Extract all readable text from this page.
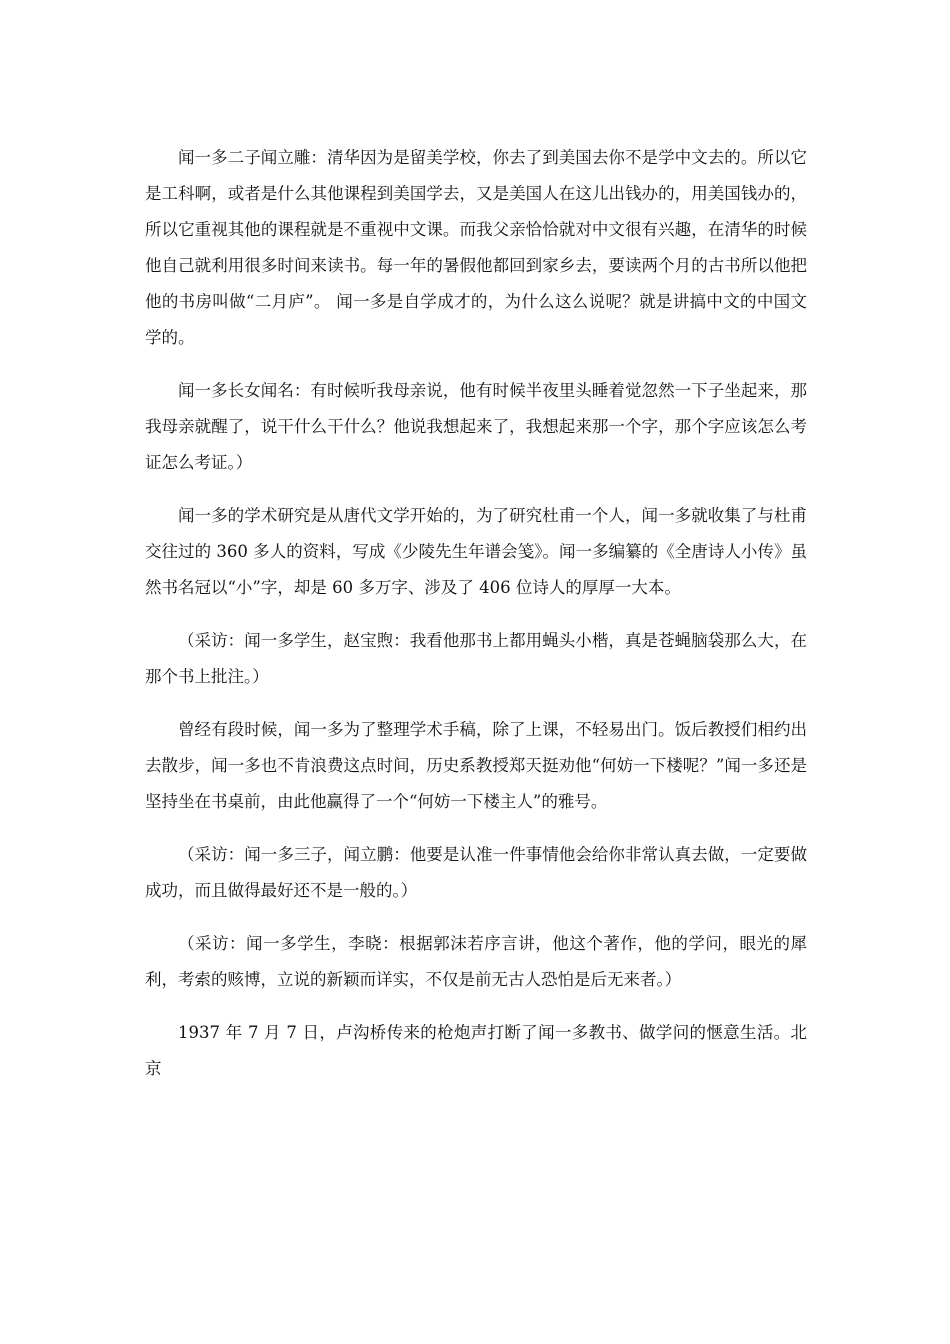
闻一多二子闻立雕：清华因为是留美学校，你去了到美国去你不是学中文去的。所以它是工科啊，或者是什么其他课程到美国学去，又是美国人在这儿出钱办的，用美国钱办的，所以它重视其他的课程就是不重视中文课。而我父亲恰恰就对中文很有兴趣，在清华的时候他自己就利用很多时间来读书。每一年的暑假他都回到家乡去，要读两个月的古书所以他把他的书房叫做“二月庐”。 闻一多是自学成才的，为什么这么说呢？就是讲搞中文的中国文学的。

闻一多长女闻名：有时候听我母亲说，他有时候半夜里头睡着觉忽然一下子坐起来，那我母亲就醒了，说干什么干什么？他说我想起来了，我想起来那一个字，那个字应该怎么考证怎么考证。）

闻一多的学术研究是从唐代文学开始的，为了研究杜甫一个人，闻一多就收集了与杜甫交往过的 360 多人的资料，写成《少陵先生年谱会笺》。闻一多编纂的《全唐诗人小传》虽然书名冠以“小”字，却是 60 多万字、涉及了 406 位诗人的厚厚一大本。

（采访：闻一多学生，赵宝煦：我看他那书上都用蝇头小楷，真是苍蝇脑袋那么大，在那个书上批注。）

曾经有段时候，闻一多为了整理学术手稿，除了上课，不轻易出门。饭后教授们相约出去散步，闻一多也不肯浪费这点时间，历史系教授郑天挺劝他“何妨一下楼呢？”闻一多还是坚持坐在书桌前，由此他赢得了一个“何妨一下楼主人”的雅号。

（采访：闻一多三子，闻立鹏：他要是认准一件事情他会给你非常认真去做，一定要做成功，而且做得最好还不是一般的。）

（采访：闻一多学生，李晓：根据郭沫若序言讲，他这个著作，他的学问，眼光的犀利，考索的赅博，立说的新颖而详实，不仅是前无古人恐怕是后无来者。）

1937 年 7 月 7 日，卢沟桥传来的枪炮声打断了闻一多教书、做学问的惬意生活。北京
